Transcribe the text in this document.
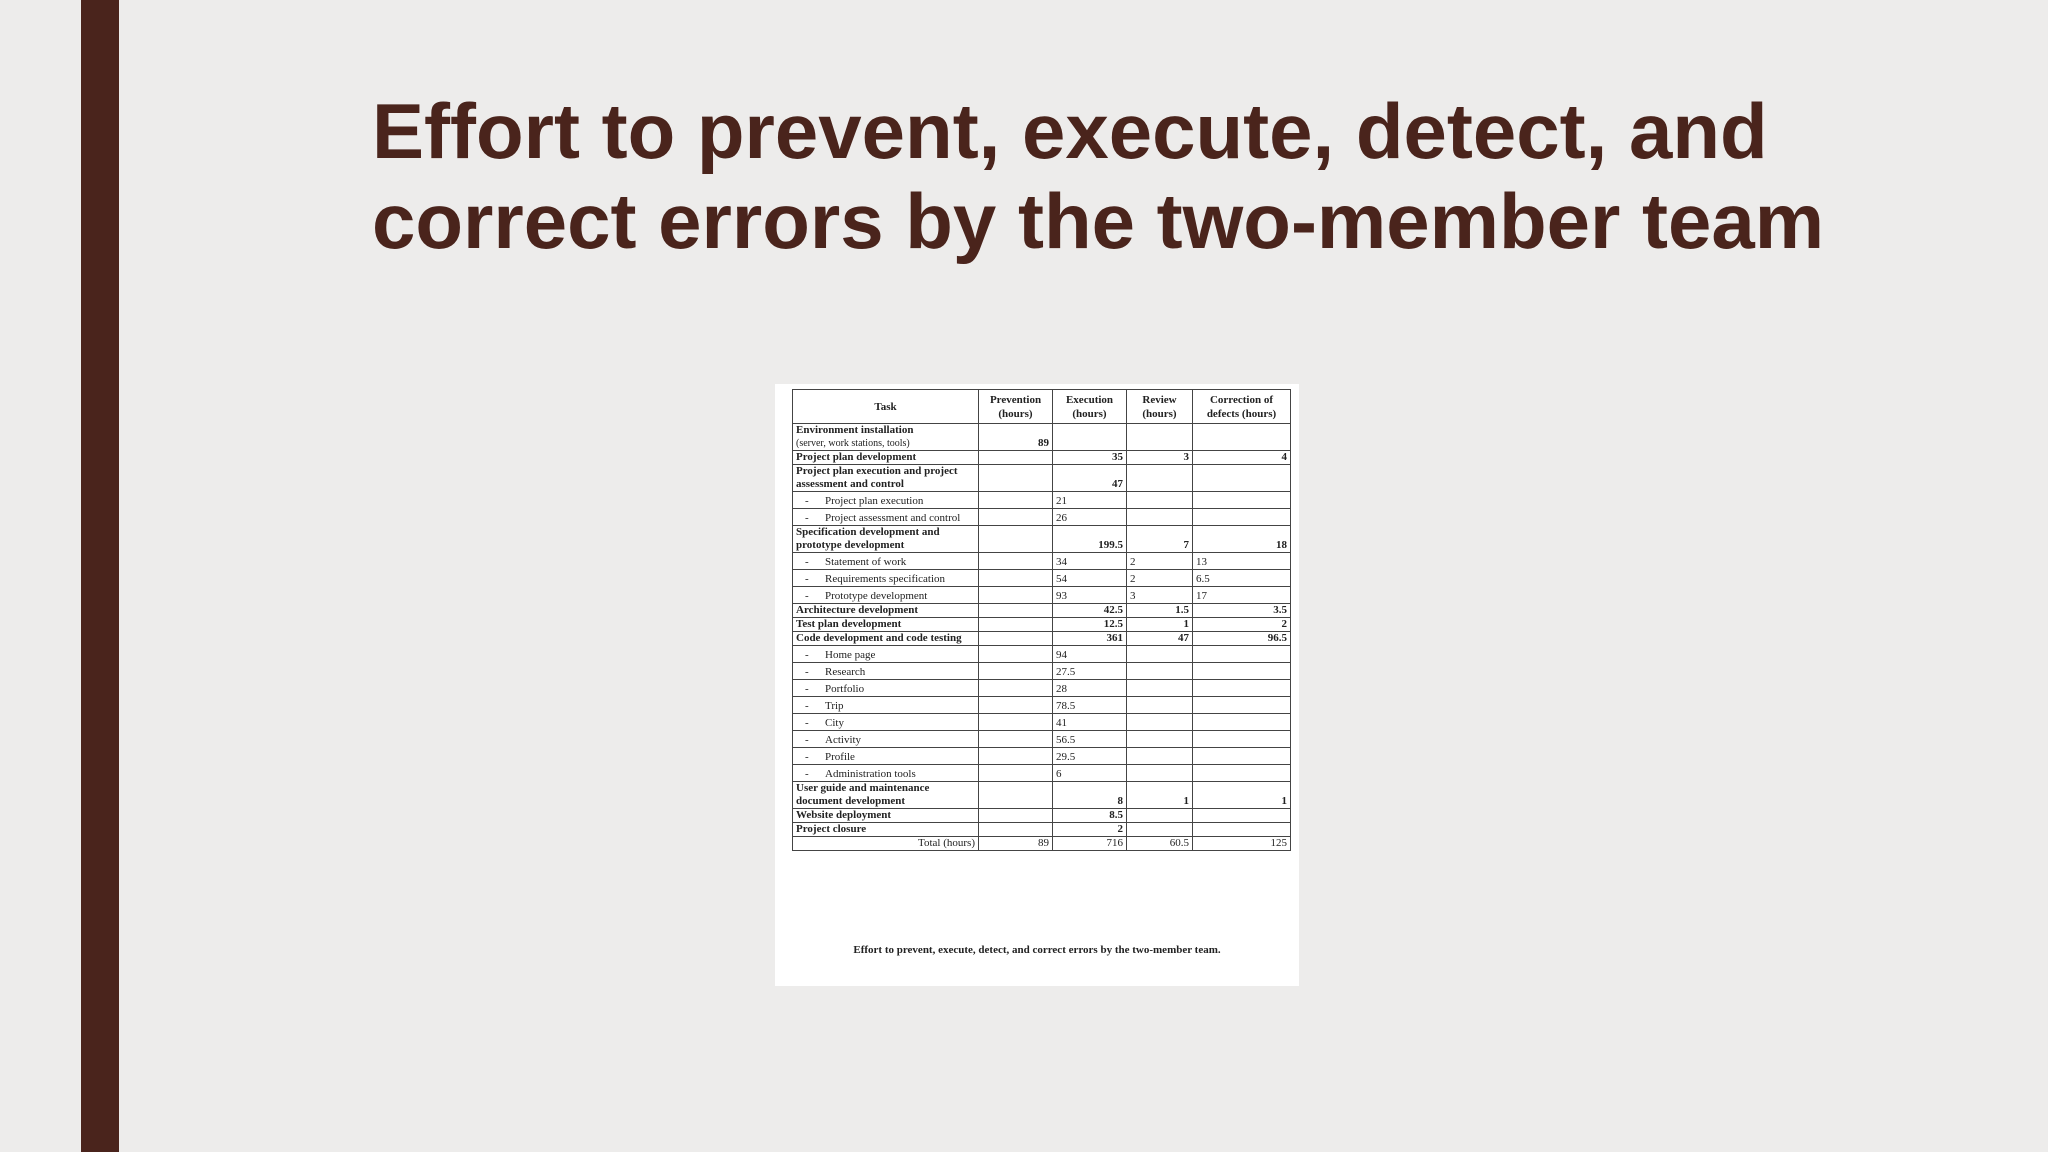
Effort to prevent, execute, detect, and
correct errors by the two-member team
Task	Prevention (hours)	Execution (hours)	Review (hours)	Correction of defects (hours)
Environment installation
(server, work stations, tools)	89			
Project plan development		35	3	4
Project plan execution and project assessment and control		47		
- Project plan execution		21		
- Project assessment and control		26		
Specification development and prototype development		199.5	7	18
- Statement of work		34	2	13
- Requirements specification		54	2	6.5
- Prototype development		93	3	17
Architecture development		42.5	1.5	3.5
Test plan development		12.5	1	2
Code development and code testing		361	47	96.5
- Home page		94		
- Research		27.5		
- Portfolio		28		
- Trip		78.5		
- City		41		
- Activity		56.5		
- Profile		29.5		
- Administration tools		6		
User guide and maintenance document development		8	1	1
Website deployment		8.5		
Project closure		2		
Total (hours)	89	716	60.5	125
Effort to prevent, execute, detect, and correct errors by the two-member team.
